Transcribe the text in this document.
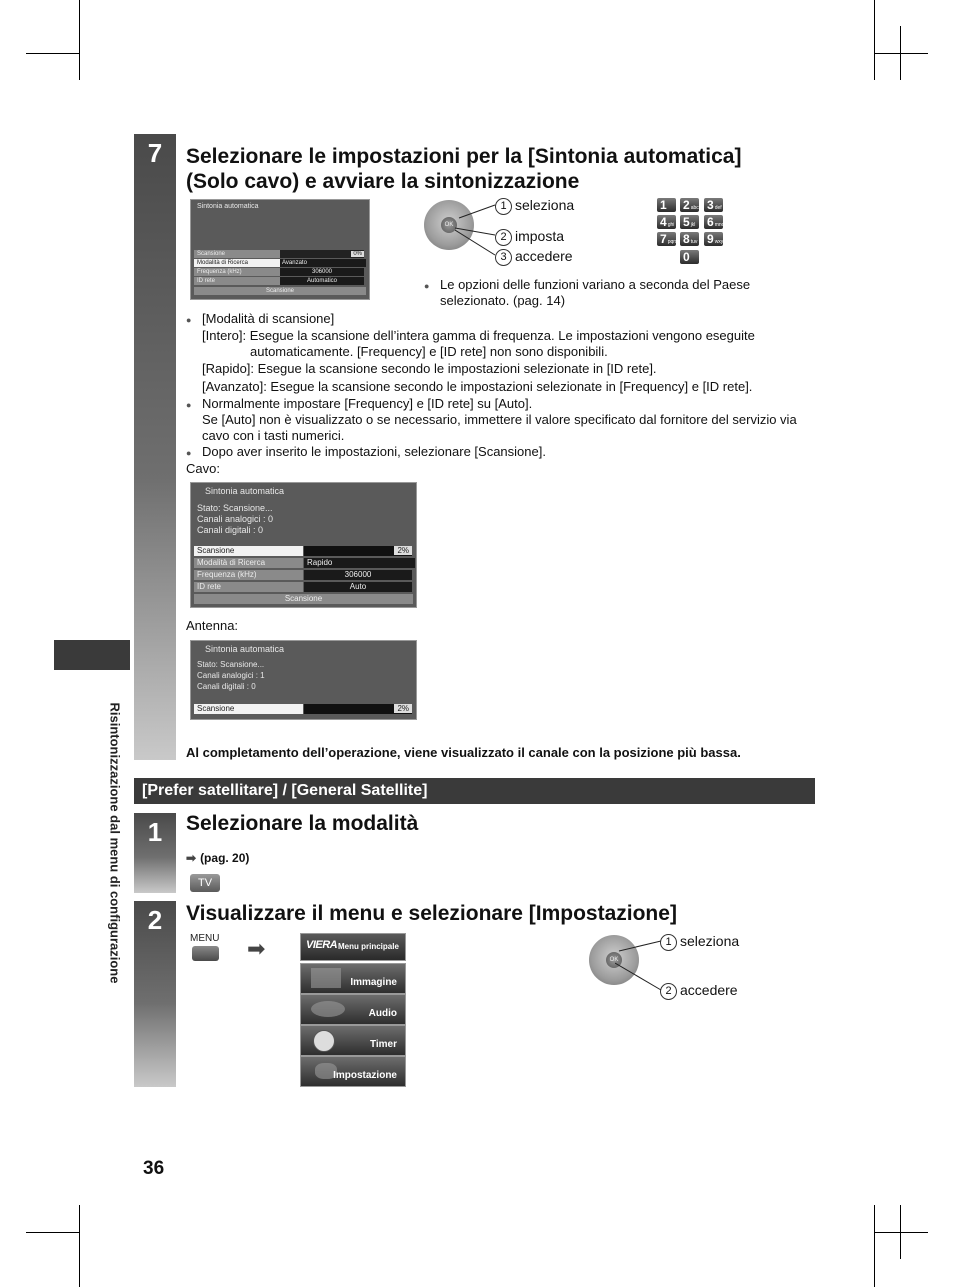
Risintonizzazione dal menu di configurazione
7	Selezionare le impostazioni per la [Sintonia automatica]
(Solo cavo) e avviare la sintonizzazione
Sintonia automatica
Scansione	0%
Modalità di Ricerca	Avanzato
Frequenza (kHz)	306000
ID rete	Automatico
Scansione
OK
1 seleziona
2 imposta
3 accedere
1	2abc 3def
4ghi 5jkl 6mno
7pqrs 8tuv 9wxyz
0
● Le opzioni delle funzioni variano a seconda del Paese
selezionato. (pag. 14)
● [Modalità di scansione]
[Intero]: Esegue la scansione dell’intera gamma di frequenza. Le impostazioni vengono eseguite
automaticamente. [Frequency] e [ID rete] non sono disponibili.
[Rapido]: Esegue la scansione secondo le impostazioni selezionate in [ID rete].
[Avanzato]: Esegue la scansione secondo le impostazioni selezionate in [Frequency] e [ID rete].
● Normalmente impostare [Frequency] e [ID rete] su [Auto].
Se [Auto] non è visualizzato o se necessario, immettere il valore specificato dal fornitore del servizio via
cavo con i tasti numerici.
● Dopo aver inserito le impostazioni, selezionare [Scansione].
Cavo:
Sintonia automatica
Stato: Scansione...
Canali analogici : 0
Canali digitali : 0
Scansione	2%
Modalità di Ricerca	Rapido
Frequenza (kHz)	306000
ID rete	Auto
Scansione
Antenna:
Sintonia automatica
Stato: Scansione...
Canali analogici : 1
Canali digitali : 0
Scansione	2%
Al completamento dell’operazione, viene visualizzato il canale con la posizione più bassa.
[Prefer satellitare] / [General Satellite]
1	Selezionare la modalità
➡ (pag. 20)
TV
2	Visualizzare il menu e selezionare [Impostazione]
MENU ➡	VIERA Menu principale
Immagine
Audio
Timer
Impostazione
OK
1 seleziona
2 accedere
36
